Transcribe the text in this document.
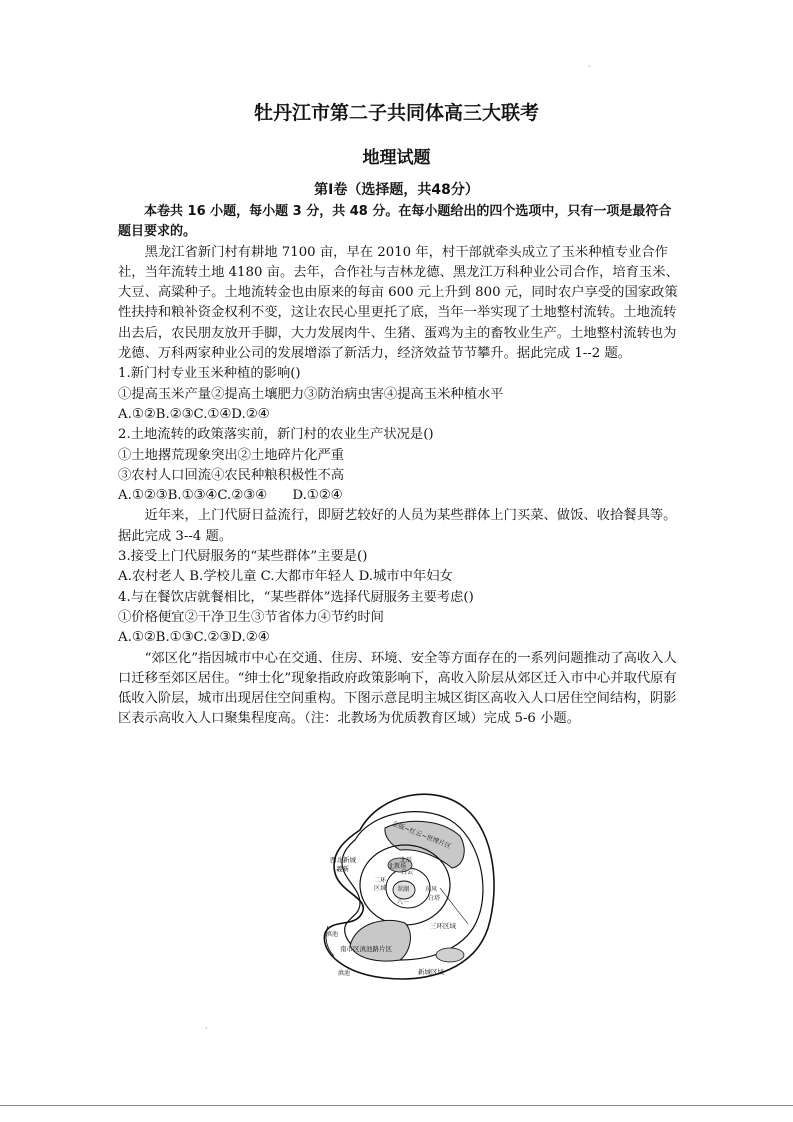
·
牡丹江市第二子共同体高三大联考
地理试题
第Ⅰ卷（选择题，共48分）

本卷共 16 小题，每小题 3 分，共 48 分。在每小题给出的四个选项中，只有一项是最符合题目要求的。

黑龙江省新门村有耕地 7100 亩，早在 2010 年，村干部就牵头成立了玉米种植专业合作社，当年流转土地 4180 亩。去年，合作社与吉林龙德、黑龙江万科种业公司合作，培育玉米、大豆、高粱种子。土地流转金也由原来的每亩 600 元上升到 800 元，同时农户享受的国家政策性扶持和粮补资金权利不变，这让农民心里更托了底，当年一举实现了土地整村流转。土地流转出去后，农民朋友放开手脚，大力发展肉牛、生猪、蛋鸡为主的畜牧业生产。土地整村流转也为龙德、万科两家种业公司的发展增添了新活力，经济效益节节攀升。据此完成 1--2 题。

1.新门村专业玉米种植的影响()

①提高玉米产量②提高土壤肥力③防治病虫害④提高玉米种植水平

A.①②B.②③C.①④D.②④

2.土地流转的政策落实前，新门村的农业生产状况是()

①土地撂荒现象突出②土地碎片化严重

③农村人口回流④农民种粮积极性不高

A.①②③B.①③④C.②③④      D.①②④

近年来，上门代厨日益流行，即厨艺较好的人员为某些群体上门买菜、做饭、收拾餐具等。据此完成 3--4 题。

3.接受上门代厨服务的“某些群体”主要是()

A.农村老人 B.学校儿童 C.大都市年轻人 D.城市中年妇女

4.与在餐饮店就餐相比，“某些群体”选择代厨服务主要考虑()

①价格便宜②干净卫生③节省体力④节约时间

A.①②B.①③C.②③D.②④

“郊区化”指因城市中心在交通、住房、环境、安全等方面存在的一系列问题推动了高收入人口迁移至郊区居住。“绅士化”现象指政府政策影响下，高收入阶层从郊区迁入市中心并取代原有低收入阶层，城市出现居住空间重构。下图示意昆明主城区街区高收入人口居住空间结构，阴影区表示高收入人口聚集程度高。（注：北教场为优质教育区域）完成 5-6 小题。

金版~红云~世博片区
西北新城
羲新	北教场
北辰
白云
二环
区域 翠湖
八一
东风
白塔
三环区域
滇池
南市区滇池路片区
滇池	新城区域
·
